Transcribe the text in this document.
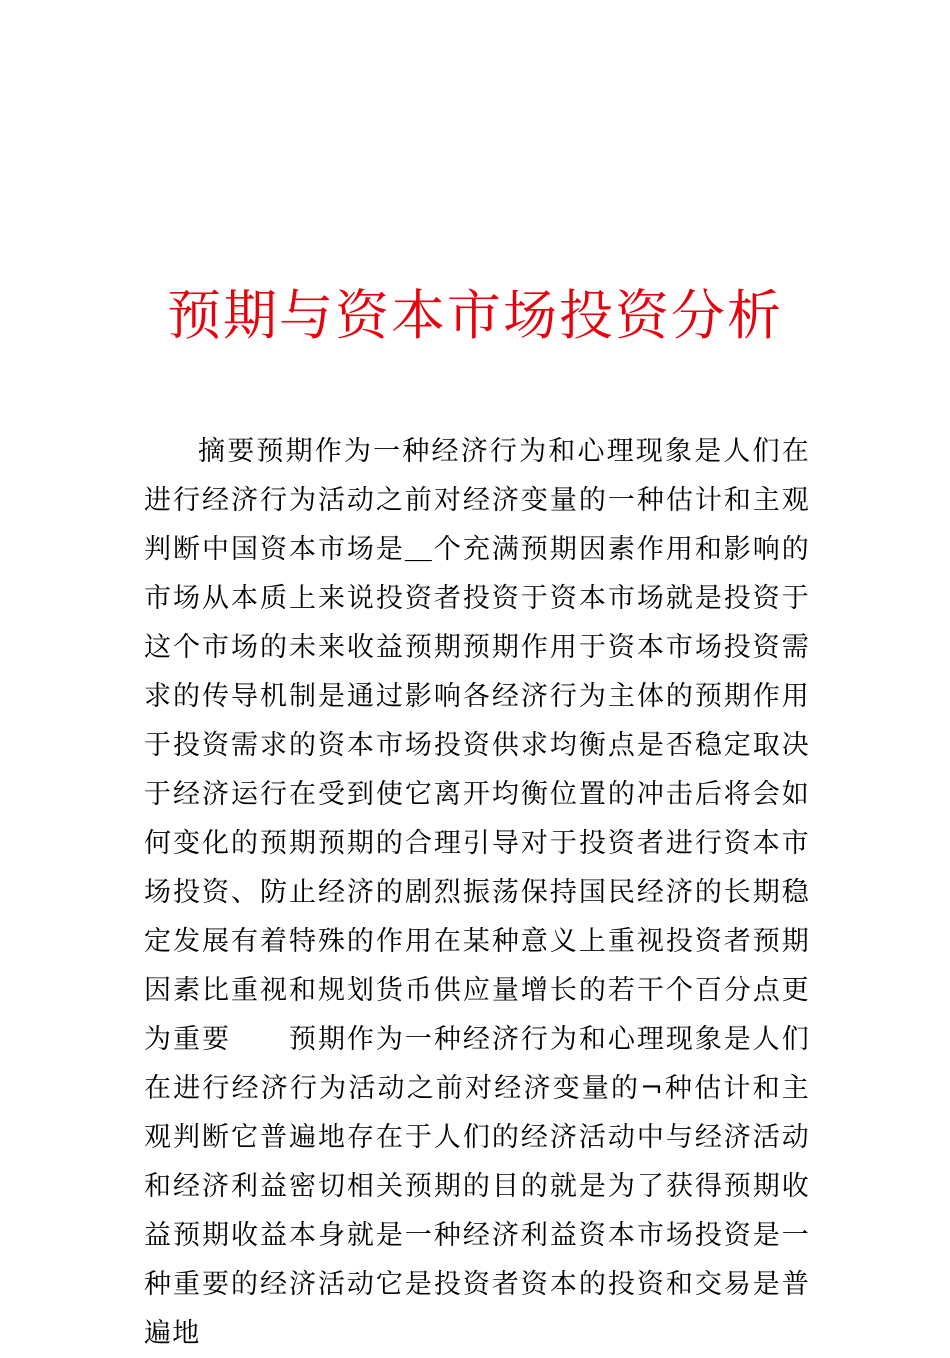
预期与资本市场投资分析

摘要预期作为一种经济行为和心理现象是人们在进行经济行为活动之前对经济变量的一种估计和主观判断中国资本市场是＿个充满预期因素作用和影响的市场从本质上来说投资者投资于资本市场就是投资于这个市场的未来收益预期预期作用于资本市场投资需求的传导机制是通过影响各经济行为主体的预期作用于投资需求的资本市场投资供求均衡点是否稳定取决于经济运行在受到使它离开均衡位置的冲击后将会如何变化的预期预期的合理引导对于投资者进行资本市场投资、防止经济的剧烈振荡保持国民经济的长期稳定发展有着特殊的作用在某种意义上重视投资者预期因素比重视和规划货币供应量增长的若干个百分点更为重要　　预期作为一种经济行为和心理现象是人们在进行经济行为活动之前对经济变量的¬种估计和主观判断它普遍地存在于人们的经济活动中与经济活动和经济利益密切相关预期的目的就是为了获得预期收益预期收益本身就是一种经济利益资本市场投资是一种重要的经济活动它是投资者资本的投资和交易是普遍地
